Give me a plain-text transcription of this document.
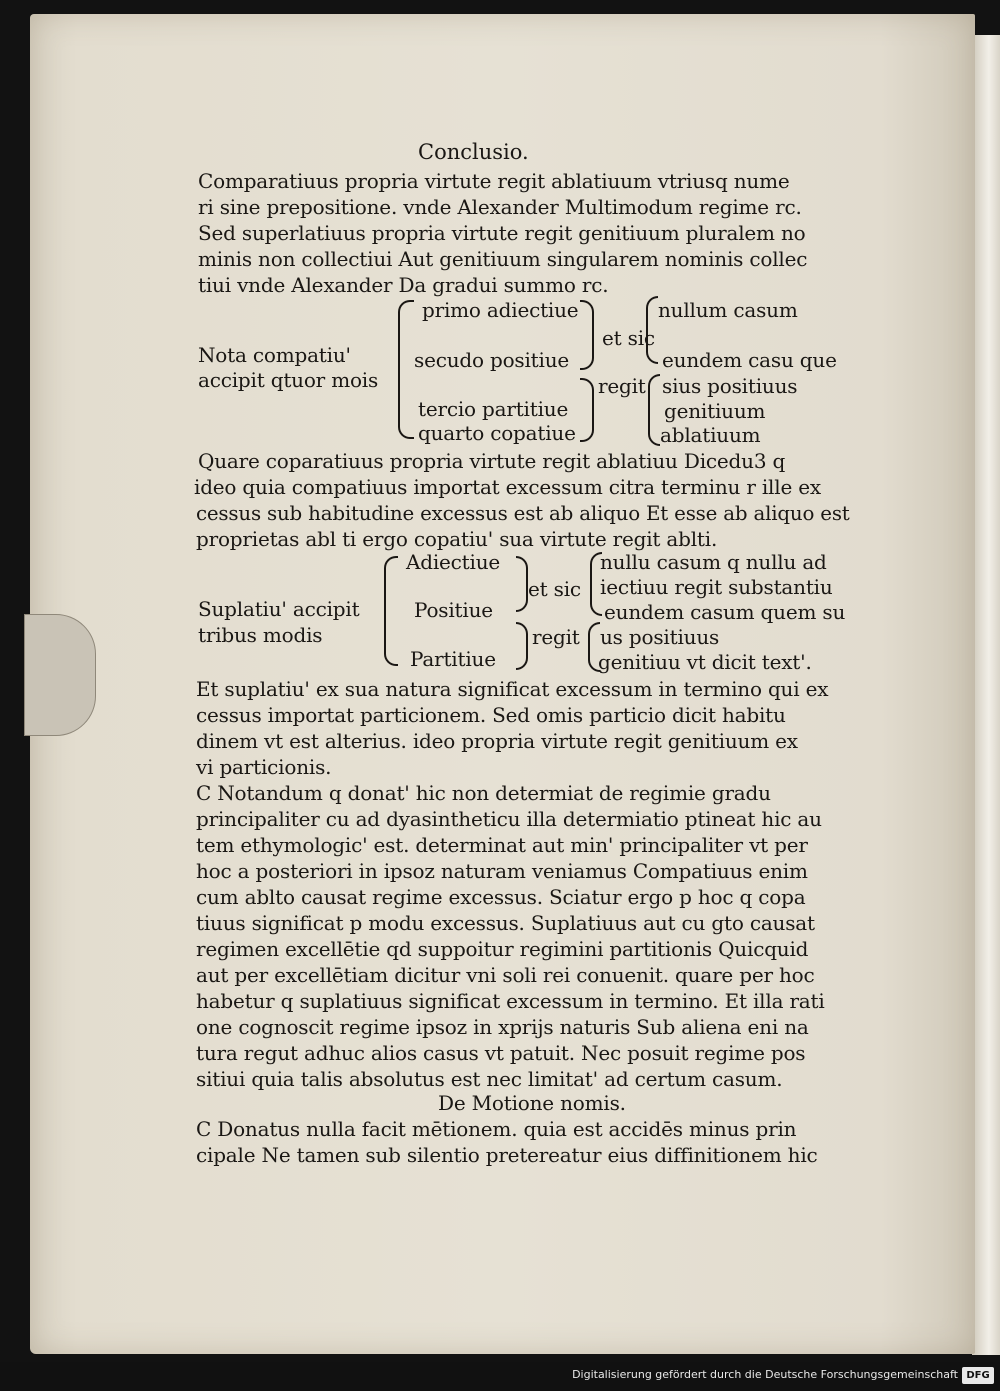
Conclusio.
Comparatiuus propria virtute regit ablatiuum vtriusq nume
ri sine prepositione. vnde Alexander Multimodum regime rc.
Sed superlatiuus propria virtute regit genitiuum pluralem no
minis non collectiui Aut genitiuum singularem nominis collec
tiui vnde Alexander Da gradui summo rc.
Nota compatiu'
accipit qtuor mois
primo adiectiue
secudo positiue
tercio partitiue
quarto copatiue
et sic
regit
nullum casum
eundem casu que
sius positiuus
genitiuum
ablatiuum
Quare coparatiuus propria virtute regit ablatiuu Dicedu3 q
ideo quia compatiuus importat excessum citra terminu r ille ex
cessus sub habitudine excessus est ab aliquo Et esse ab aliquo est
proprietas abl ti ergo copatiu' sua virtute regit ablti.
Suplatiu' accipit
tribus modis
Adiectiue
Positiue
Partitiue
et sic
regit
nullu casum q nullu ad
iectiuu regit substantiu
eundem casum quem su
us positiuus
genitiuu vt dicit text'.
Et suplatiu' ex sua natura significat excessum in termino qui ex
cessus importat particionem. Sed omis particio dicit habitu
dinem vt est alterius. ideo propria virtute regit genitiuum ex
vi particionis.
C Notandum q donat' hic non determiat de regimie gradu
principaliter cu ad dyasintheticu illa determiatio ptineat hic au
tem ethymologic' est. determinat aut min' principaliter vt per
hoc a posteriori in ipsoz naturam veniamus Compatiuus enim
cum ablto causat regime excessus. Sciatur ergo p hoc q copa
tiuus significat p modu excessus. Suplatiuus aut cu gto causat
regimen excellētie qd suppoitur regimini partitionis Quicquid
aut per excellētiam dicitur vni soli rei conuenit. quare per hoc
habetur q suplatiuus significat excessum in termino. Et illa rati
one cognoscit regime ipsoz in xprijs naturis Sub aliena eni na
tura regut adhuc alios casus vt patuit. Nec posuit regime pos
sitiui quia talis absolutus est nec limitat' ad certum casum.
De Motione nomis.
C Donatus nulla facit mētionem. quia est accidēs minus prin
cipale Ne tamen sub silentio pretereatur eius diffinitionem hic
Digitalisierung gefördert durch die Deutsche Forschungsgemeinschaft DFG
